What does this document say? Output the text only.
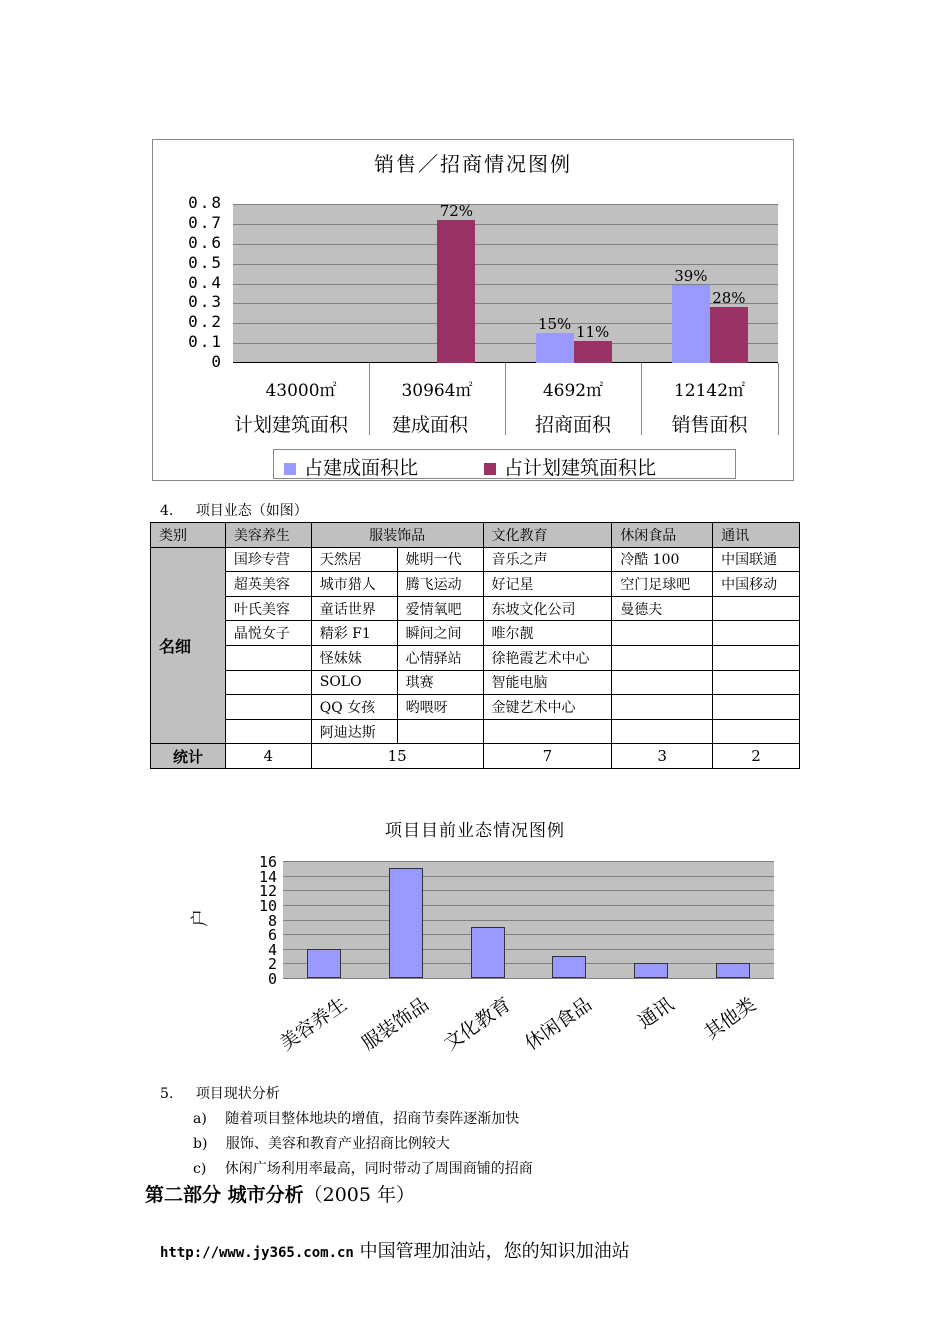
销售／招商情况图例
0.8
0.7
0.6
0.5
0.4
0.3
0.2
0.1
0
15%
39%
72%
11%
28%
43000㎡	30964㎡	4692㎡	12142㎡
计划建筑面积	建成面积	招商面积	销售面积
占建成面积比	占计划建筑面积比
4. 项目业态（如图）
类别	美容养生	服装饰品		文化教育	休闲食品	通讯
名细	国珍专营	天然居	姚明一代	音乐之声	冷酷 100	中国联通
	超英美容	城市猎人	腾飞运动	好记星	空门足球吧	中国移动
	叶氏美容	童话世界	爱情氧吧	东坡文化公司	曼德夫	
	晶悦女子	精彩 F1	瞬间之间	唯尔靓		
		怪妹妹	心情驿站	徐艳霞艺术中心		
		SOLO	琪赛	智能电脑		
		QQ 女孩	哟喂呀	金键艺术中心		
		阿迪达斯				
统计	4	15		7	3	2
项目目前业态情况图例
户
16
14
12
10
8
6
4
2
0
美容养生 服装饰品 文化教育 休闲食品	通讯	其他类
5. 项目现状分析
a) 随着项目整体地块的增值，招商节奏阵逐渐加快
b) 服饰、美容和教育产业招商比例较大
c) 休闲广场利用率最高，同时带动了周围商铺的招商
第二部分 城市分析（2005 年）
http://www.jy365.com.cn 中国管理加油站，您的知识加油站
